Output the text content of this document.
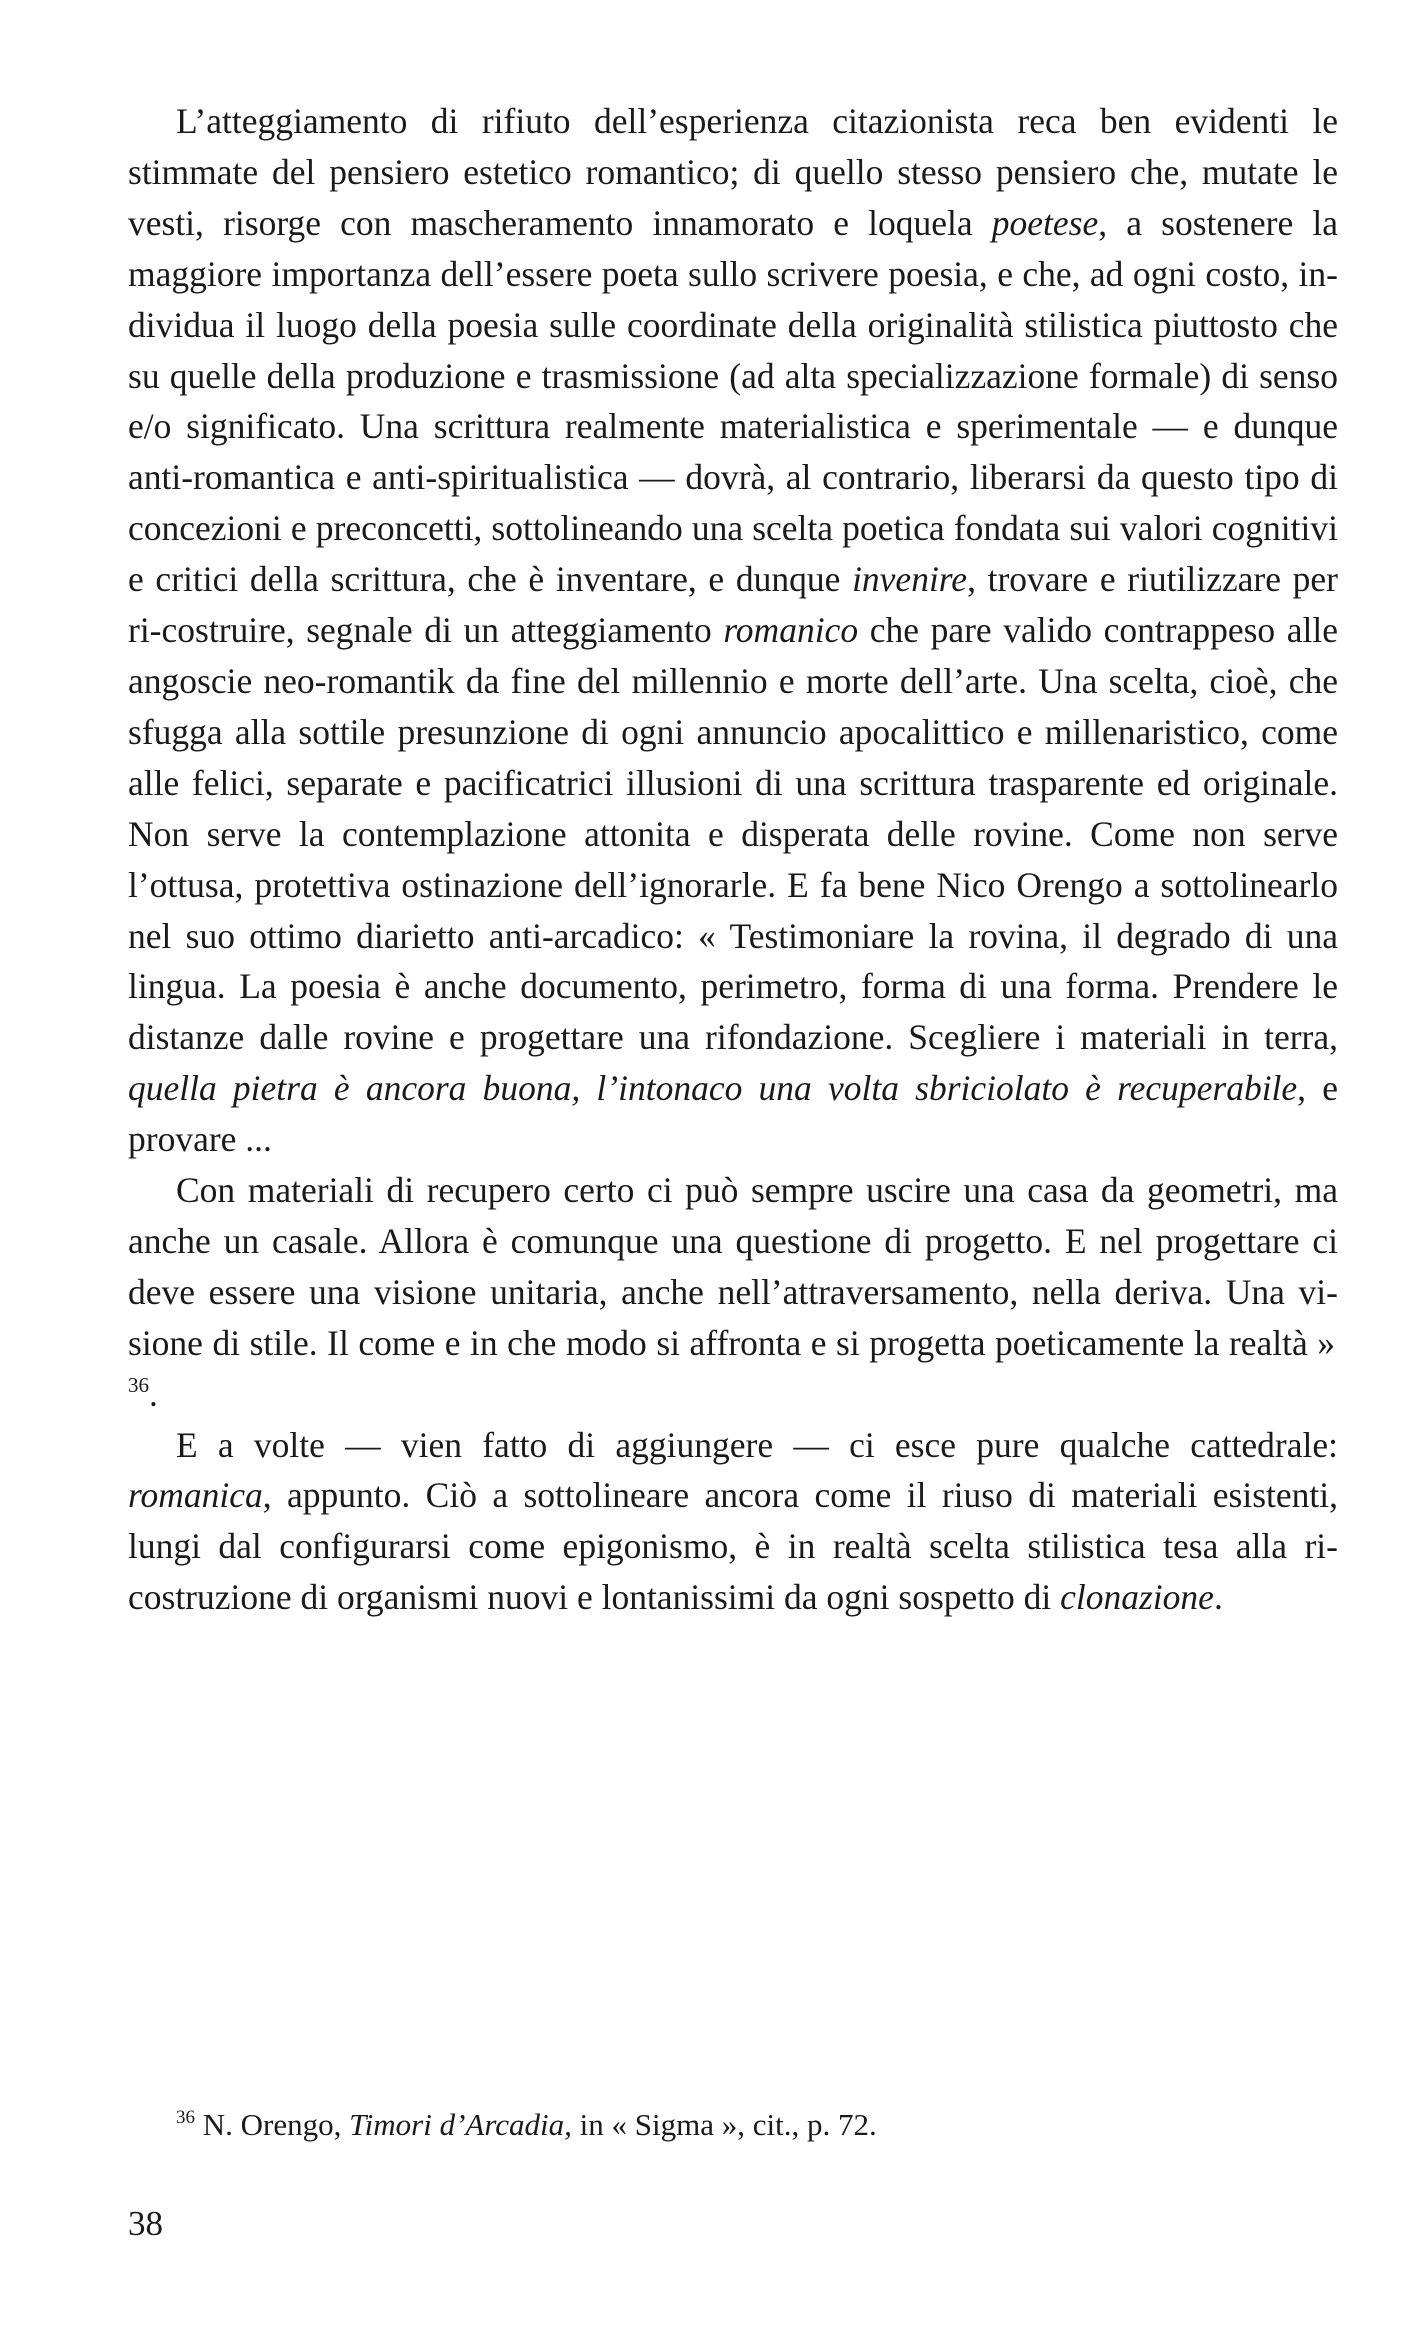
L’atteggiamento di rifiuto dell’esperienza citazionista reca ben evidenti le stimmate del pensiero estetico romantico; di quello stesso pensiero che, mutate le vesti, risorge con mascheramento innamorato e loquela poetese, a sostenere la maggiore importanza dell’essere poeta sullo scrivere poesia, e che, ad ogni costo, individua il luogo della poesia sulle coordinate della originalità stilistica piuttosto che su quelle della produzione e trasmissione (ad alta specializzazione formale) di senso e/o significato. Una scrittura realmente materialistica e sperimentale — e dunque anti-romantica e anti-spiritualistica — dovrà, al contrario, liberarsi da questo tipo di concezioni e preconcetti, sottolineando una scelta poetica fondata sui valori cognitivi e critici della scrittura, che è inventare, e dunque invenire, trovare e riutilizzare per ri-costruire, segnale di un atteggiamento romanico che pare valido contrappeso alle angoscie neo-romantik da fine del millennio e morte dell’arte. Una scelta, cioè, che sfugga alla sottile presunzione di ogni annuncio apocalittico e millenaristico, come alle felici, separate e pacificatrici illusioni di una scrittura trasparente ed originale. Non serve la contemplazione attonita e disperata delle rovine. Come non serve l’ottusa, protettiva ostinazione dell’ignorarle. E fa bene Nico Orengo a sottolinearlo nel suo ottimo diarietto anti-arcadico: « Testimoniare la rovina, il degrado di una lingua. La poesia è anche documento, perimetro, forma di una forma. Prendere le distanze dalle rovine e progettare una rifondazione. Scegliere i materiali in terra, quella pietra è ancora buona, l’intonaco una volta sbriciolato è recuperabile, e provare ...

Con materiali di recupero certo ci può sempre uscire una casa da geometri, ma anche un casale. Allora è comunque una questione di progetto. E nel progettare ci deve essere una visione unitaria, anche nell’attraversamento, nella deriva. Una visione di stile. Il come e in che modo si affronta e si progetta poeticamente la realtà » $^{36}$.

E a volte — vien fatto di aggiungere — ci esce pure qualche cattedrale: romanica, appunto. Ciò a sottolineare ancora come il riuso di materiali esistenti, lungi dal configurarsi come epigonismo, è in realtà scelta stilistica tesa alla ri-costruzione di organismi nuovi e lontanissimi da ogni sospetto di clonazione.

$^{36}$ N. Orengo, Timori d’Arcadia, in « Sigma », cit., p. 72.

38
